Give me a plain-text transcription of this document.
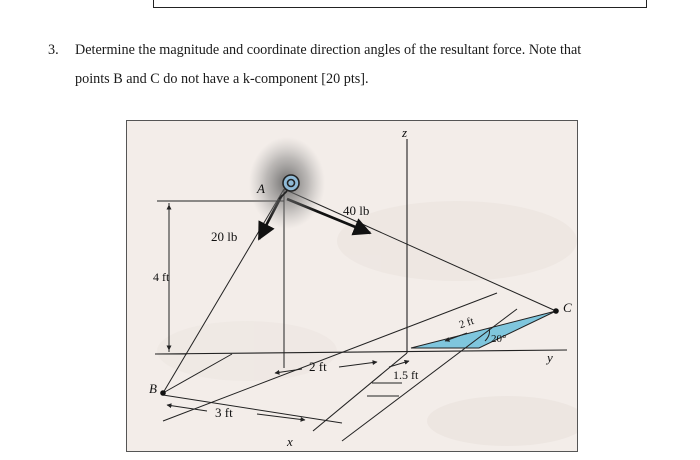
3. Determine the magnitude and coordinate direction angles of the resultant force. Note that
points B and C do not have a k-component [20 pts].
z
x
y
A
B
C
40 lb
20 lb
4 ft
3 ft
2 ft
1.5 ft
2 ft
20°
